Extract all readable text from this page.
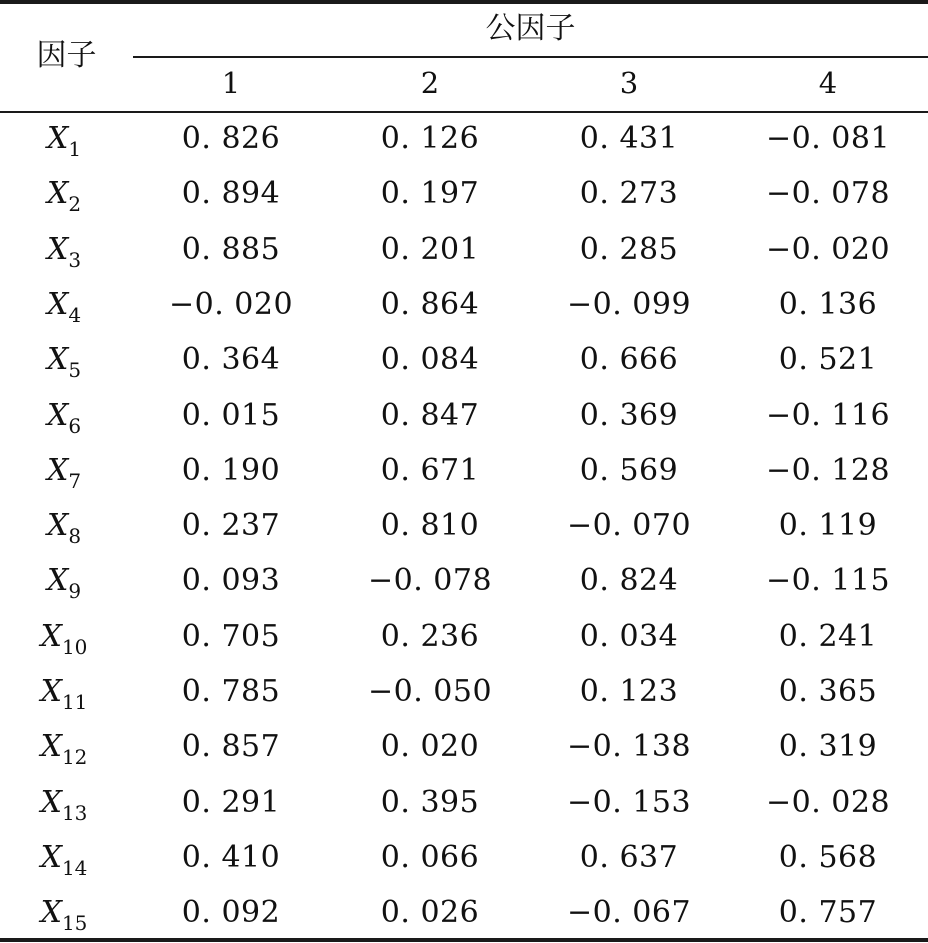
因子
公因子
1	2	3	4
$X_1$	0. 826	0. 126	0. 431	−0. 081
$X_2$	0. 894	0. 197	0. 273	−0. 078
$X_3$	0. 885	0. 201	0. 285	−0. 020
$X_4$	−0. 020	0. 864	−0. 099	0. 136
$X_5$	0. 364	0. 084	0. 666	0. 521
$X_6$	0. 015	0. 847	0. 369	−0. 116
$X_7$	0. 190	0. 671	0. 569	−0. 128
$X_8$	0. 237	0. 810	−0. 070	0. 119
$X_9$	0. 093	−0. 078	0. 824	−0. 115
$X_{10}$	0. 705	0. 236	0. 034	0. 241
$X_{11}$	0. 785	−0. 050	0. 123	0. 365
$X_{12}$	0. 857	0. 020	−0. 138	0. 319
$X_{13}$	0. 291	0. 395	−0. 153	−0. 028
$X_{14}$	0. 410	0. 066	0. 637	0. 568
$X_{15}$	0. 092	0. 026	−0. 067	0. 757
